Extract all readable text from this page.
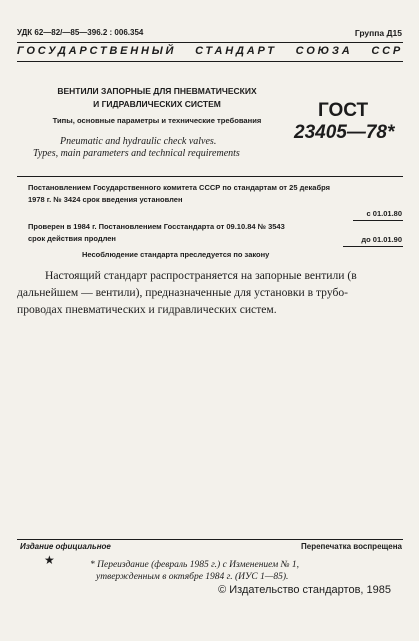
УДК 62—82/—85—396.2 : 006.354	Группа Д15
ГОСУДАРСТВЕННЫЙ СТАНДАРТ СОЮЗА ССР
ВЕНТИЛИ ЗАПОРНЫЕ ДЛЯ ПНЕВМАТИЧЕСКИХ
И ГИДРАВЛИЧЕСКИХ СИСТЕМ
Типы, основные параметры и технические требования
Pneumatic and hydraulic check valves.
Types, main parameters and technical requirements
ГОСТ
23405—78*
Постановлением Государственного комитета СССР по стандартам от 25 декабря
1978 г. № 3424 срок введения установлен
с 01.01.80
Проверен в 1984 г. Постановлением Госстандарта от 09.10.84 № 3543
срок действия продлен	до 01.01.90
Несоблюдение стандарта преследуется по закону
Настоящий стандарт распространяется на запорные вентили (в
дальнейшем — вентили), предназначенные для установки в трубо-
проводах пневматических и гидравлических систем.
Издание официальное	Перепечатка воспрещена
★	* Переиздание (февраль 1985 г.) с Изменением № 1,
утвержденным в октябре 1984 г. (ИУС 1—85).
© Издательство стандартов, 1985
